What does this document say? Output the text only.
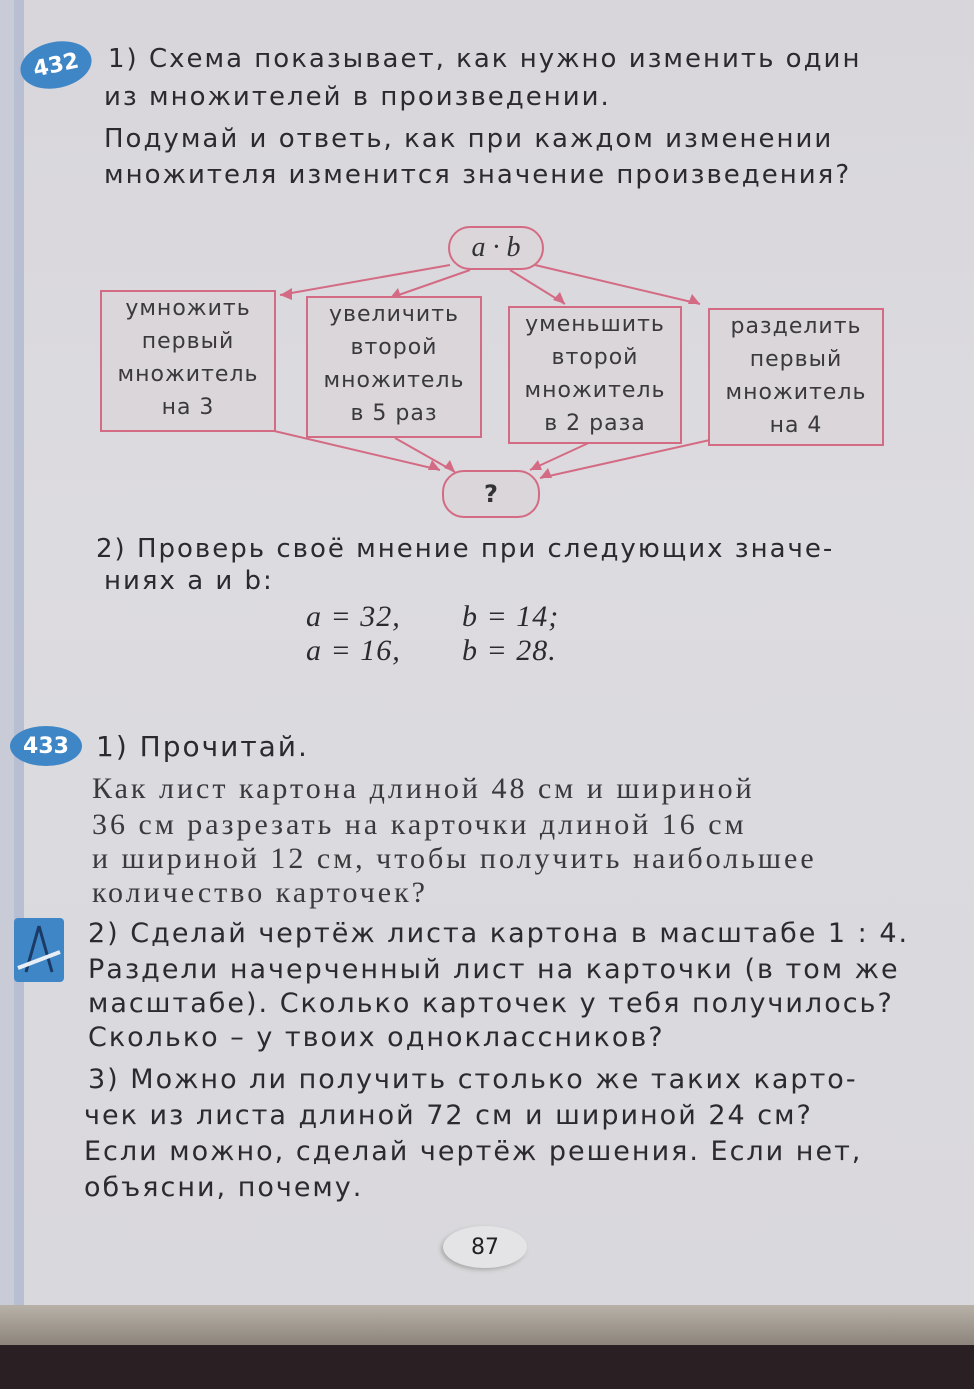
432	1) Схема показывает, как нужно изменить один
из множителей в произведении.
Подумай и ответь, как при каждом изменении
множителя изменится значение произведения?
a · b
умножить
первый
множитель
на 3
увеличить
второй
множитель
в 5 раз
уменьшить
второй
множитель
в 2 раза
разделить
первый
множитель
на 4
?
2) Проверь своё мнение при следующих значе-
ниях a и b:
a = 32, b = 14;
a = 16, b = 28.
433 1) Прочитай.
Как лист картона длиной 48 см и шириной
36 см разрезать на карточки длиной 16 см
и шириной 12 см, чтобы получить наибольшее
количество карточек?
2) Сделай чертёж листа картона в масштабе 1 : 4.
Раздели начерченный лист на карточки (в том же
масштабе). Сколько карточек у тебя получилось?
Сколько – у твоих одноклассников?
3) Можно ли получить столько же таких карто-
чек из листа длиной 72 см и шириной 24 см?
Если можно, сделай чертёж решения. Если нет,
объясни, почему.
87
